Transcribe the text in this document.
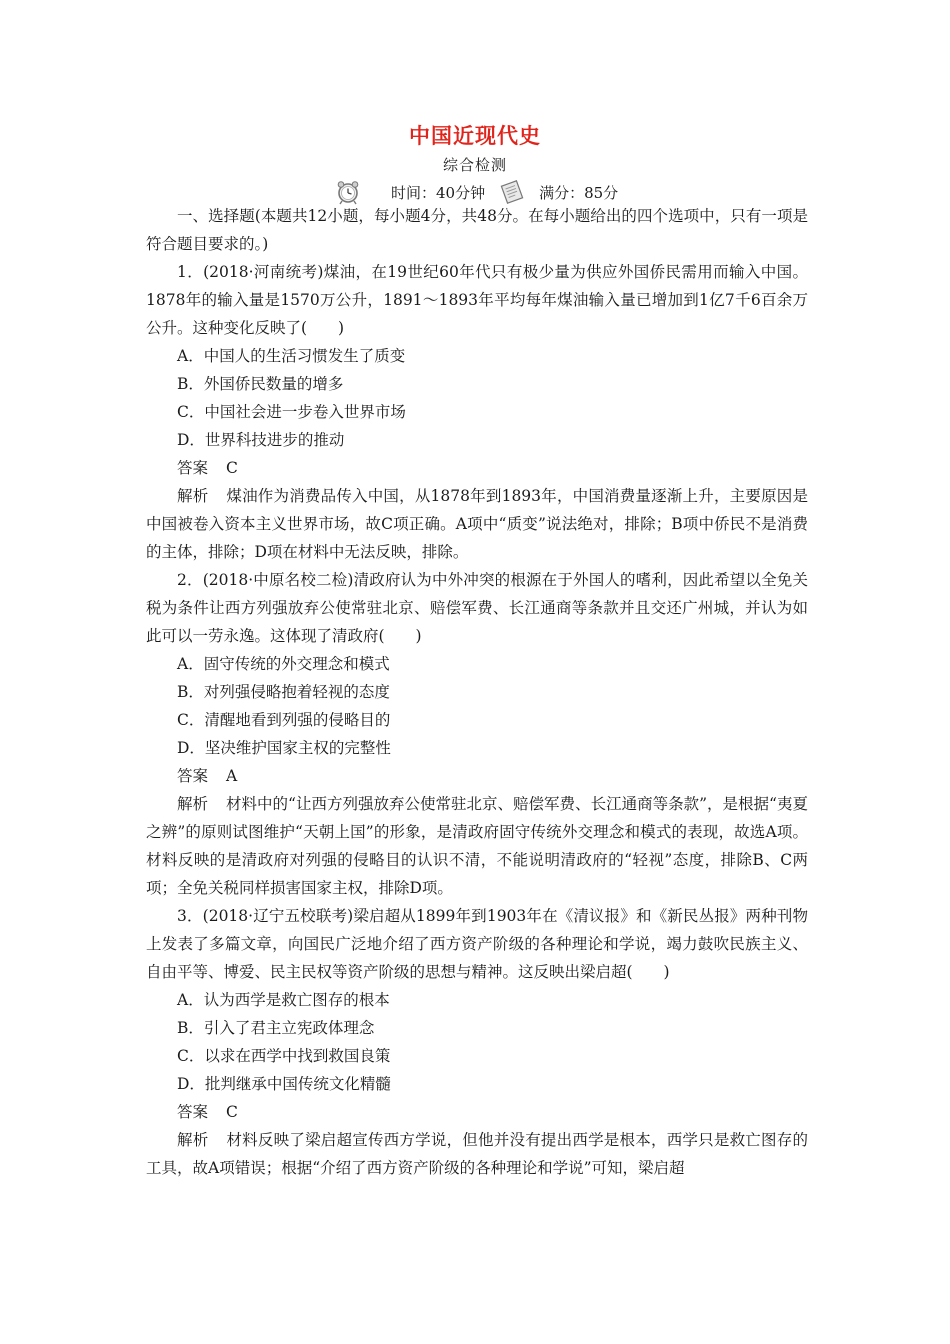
中国近现代史
综合检测
时间：40分钟	满分：85分

一、选择题(本题共12小题，每小题4分，共48分。在每小题给出的四个选项中，只有一项是符合题目要求的。)

1．(2018·河南统考)煤油，在19世纪60年代只有极少量为供应外国侨民需用而输入中国。1878年的输入量是1570万公升，1891～1893年平均每年煤油输入量已增加到1亿7千6百余万公升。这种变化反映了(　　)

A．中国人的生活习惯发生了质变

B．外国侨民数量的增多

C．中国社会进一步卷入世界市场

D．世界科技进步的推动

答案 C

解析 煤油作为消费品传入中国，从1878年到1893年，中国消费量逐渐上升，主要原因是中国被卷入资本主义世界市场，故C项正确。A项中“质变”说法绝对，排除；B项中侨民不是消费的主体，排除；D项在材料中无法反映，排除。

2．(2018·中原名校二检)清政府认为中外冲突的根源在于外国人的嗜利，因此希望以全免关税为条件让西方列强放弃公使常驻北京、赔偿军费、长江通商等条款并且交还广州城，并认为如此可以一劳永逸。这体现了清政府(　　)

A．固守传统的外交理念和模式

B．对列强侵略抱着轻视的态度

C．清醒地看到列强的侵略目的

D．坚决维护国家主权的完整性

答案 A

解析 材料中的“让西方列强放弃公使常驻北京、赔偿军费、长江通商等条款”，是根据“夷夏之辨”的原则试图维护“天朝上国”的形象，是清政府固守传统外交理念和模式的表现，故选A项。材料反映的是清政府对列强的侵略目的认识不清，不能说明清政府的“轻视”态度，排除B、C两项；全免关税同样损害国家主权，排除D项。

3．(2018·辽宁五校联考)梁启超从1899年到1903年在《清议报》和《新民丛报》两种刊物上发表了多篇文章，向国民广泛地介绍了西方资产阶级的各种理论和学说，竭力鼓吹民族主义、自由平等、博爱、民主民权等资产阶级的思想与精神。这反映出梁启超(　　)

A．认为西学是救亡图存的根本

B．引入了君主立宪政体理念

C．以求在西学中找到救国良策

D．批判继承中国传统文化精髓

答案 C

解析 材料反映了梁启超宣传西方学说，但他并没有提出西学是根本，西学只是救亡图存的工具，故A项错误；根据“介绍了西方资产阶级的各种理论和学说”可知，梁启超
